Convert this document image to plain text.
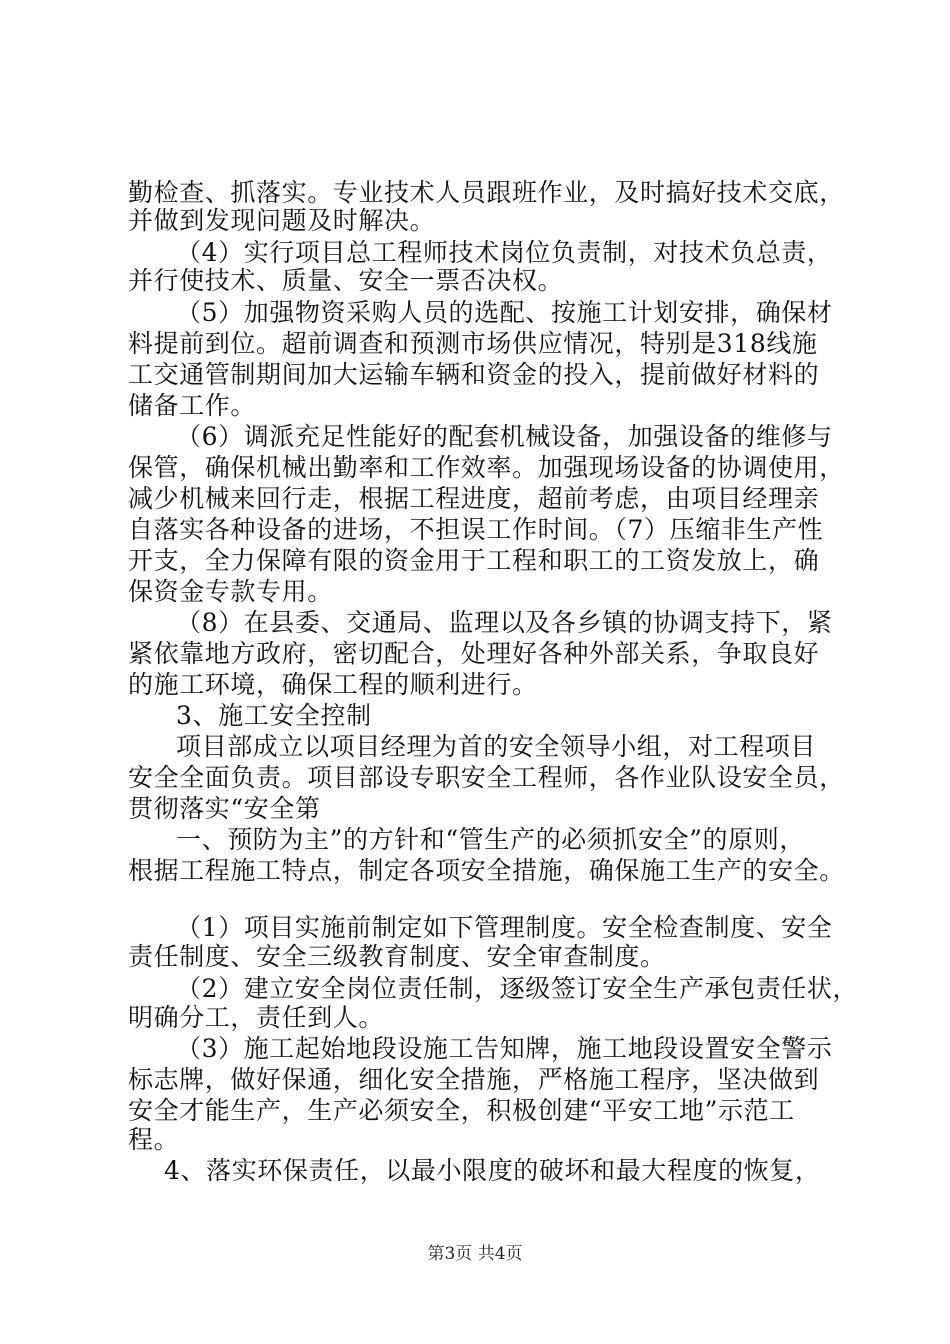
勤检查、抓落实。专业技术人员跟班作业，及时搞好技术交底，
并做到发现问题及时解决。
（4）实行项目总工程师技术岗位负责制，对技术负总责，
并行使技术、质量、安全一票否决权。
（5）加强物资采购人员的选配、按施工计划安排，确保材
料提前到位。超前调查和预测市场供应情况，特别是318线施
工交通管制期间加大运输车辆和资金的投入，提前做好材料的
储备工作。
（6）调派充足性能好的配套机械设备，加强设备的维修与
保管，确保机械出勤率和工作效率。加强现场设备的协调使用，
减少机械来回行走，根据工程进度，超前考虑，由项目经理亲
自落实各种设备的进场，不担误工作时间。（7）压缩非生产性
开支，全力保障有限的资金用于工程和职工的工资发放上，确
保资金专款专用。
（8）在县委、交通局、监理以及各乡镇的协调支持下，紧
紧依靠地方政府，密切配合，处理好各种外部关系，争取良好
的施工环境，确保工程的顺利进行。
3、施工安全控制
项目部成立以项目经理为首的安全领导小组，对工程项目
安全全面负责。项目部设专职安全工程师，各作业队设安全员，
贯彻落实“安全第
一、预防为主”的方针和“管生产的必须抓安全”的原则，
根据工程施工特点，制定各项安全措施，确保施工生产的安全。
（1）项目实施前制定如下管理制度。安全检查制度、安全
责任制度、安全三级教育制度、安全审查制度。
（2）建立安全岗位责任制，逐级签订安全生产承包责任状，
明确分工，责任到人。
（3）施工起始地段设施工告知牌，施工地段设置安全警示
标志牌，做好保通，细化安全措施，严格施工程序，坚决做到
安全才能生产，生产必须安全，积极创建“平安工地”示范工
程。
4、落实环保责任，以最小限度的破坏和最大程度的恢复，
第3页 共4页
